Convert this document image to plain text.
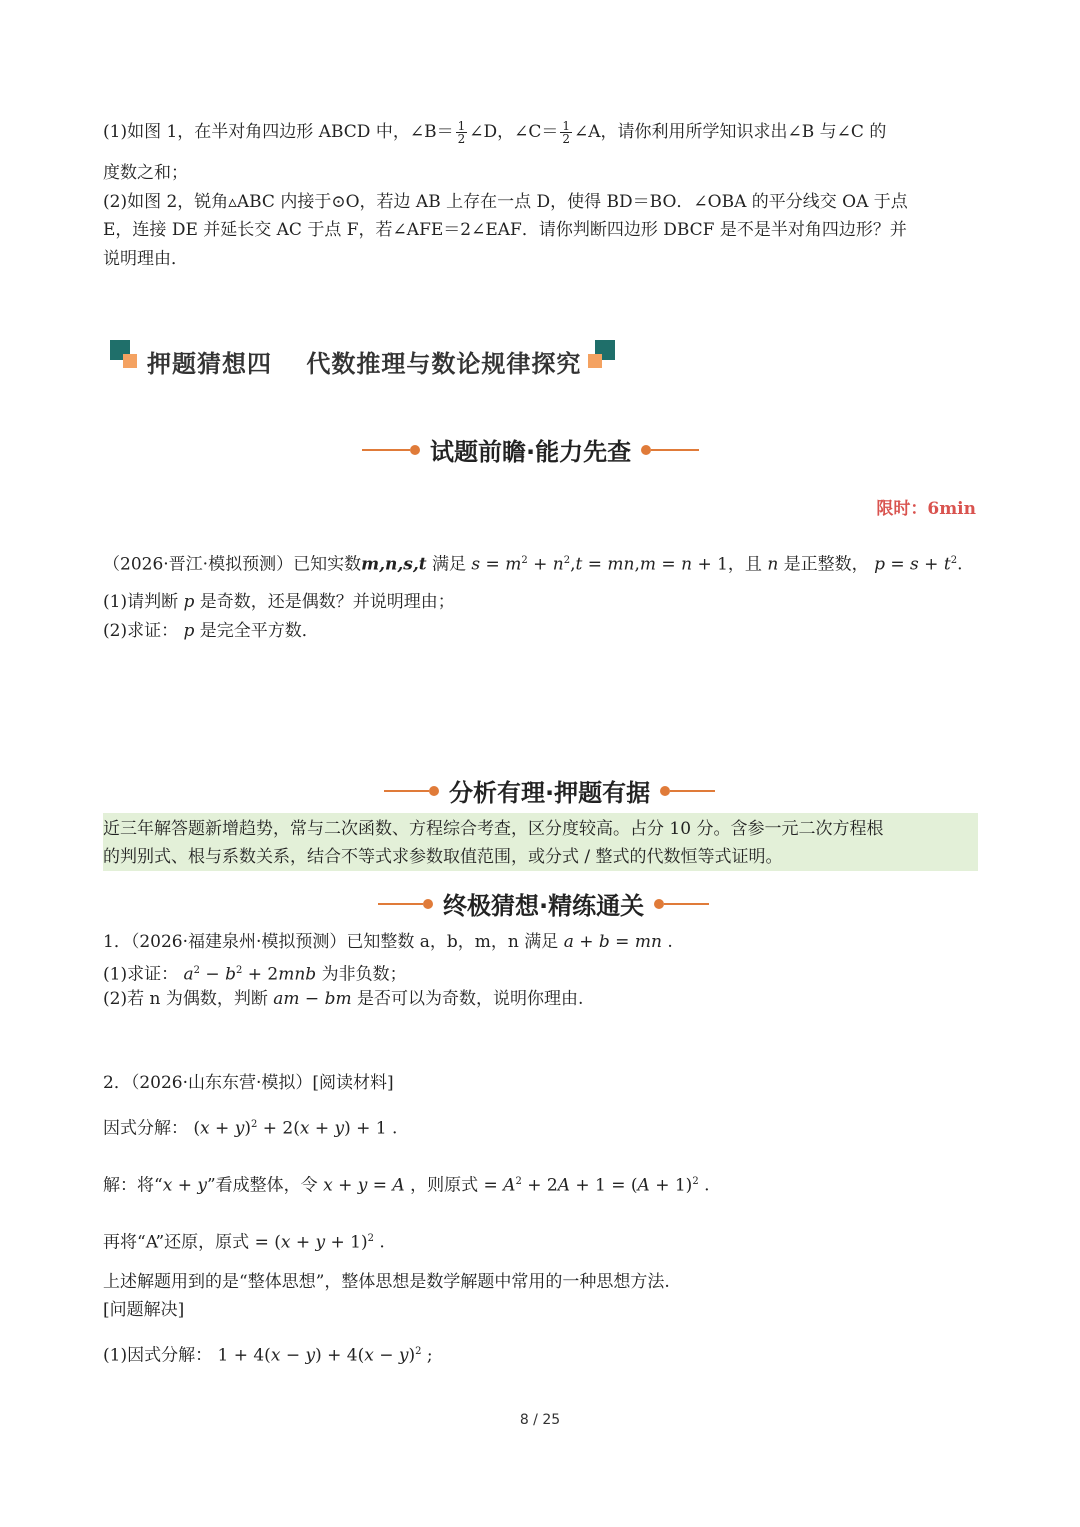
(1)如图 1，在半对角四边形 ABCD 中，∠B＝ $\frac{1}{2}$ ∠D，∠C＝ $\frac{1}{2}$ ∠A，请你利用所学知识求出∠B 与∠C 的
度数之和；
(2)如图 2，锐角▵ABC 内接于⊙O，若边 AB 上存在一点 D，使得 BD＝BO．∠OBA 的平分线交 OA 于点
E，连接 DE 并延长交 AC 于点 F，若∠AFE＝2∠EAF．请你判断四边形 DBCF 是不是半对角四边形？并
说明理由．
押题猜想四　 代数推理与数论规律探究
试题前瞻·能力先查
限时：6min
（2026·晋江·模拟预测）已知实数m,n,s,t 满足 $s = m^2 + n^2,t = mn,m = n + 1$，且 n 是正整数， $p = s + t^2$.
(1)请判断 p 是奇数，还是偶数？并说明理由；
(2)求证： p 是完全平方数．
分析有理·押题有据
近三年解答题新增趋势，常与二次函数、方程综合考查，区分度较高。占分 10 分。含参一元二次方程根
的判别式、根与系数关系，结合不等式求参数取值范围，或分式 / 整式的代数恒等式证明。
终极猜想·精练通关
1．（2026·福建泉州·模拟预测）已知整数 a，b，m，n 满足 a + b = mn .
(1)求证： $a^2 - b^2 + 2mnb$ 为非负数；
(2)若 n 为偶数，判断 am − bm 是否可以为奇数，说明你理由.
2．（2026·山东东营·模拟）[阅读材料]
因式分解： $(x + y)^2 + 2(x + y) + 1$ .
解：将“x + y”看成整体，令 x + y = A ，则原式 = $A^2 + 2A + 1 = (A + 1)^2$ .
再将“A”还原，原式 = $(x + y + 1)^2$ .
上述解题用到的是“整体思想”，整体思想是数学解题中常用的一种思想方法.
[问题解决]
(1)因式分解： $1 + 4(x - y) + 4(x - y)^2$ ;
8 / 25
